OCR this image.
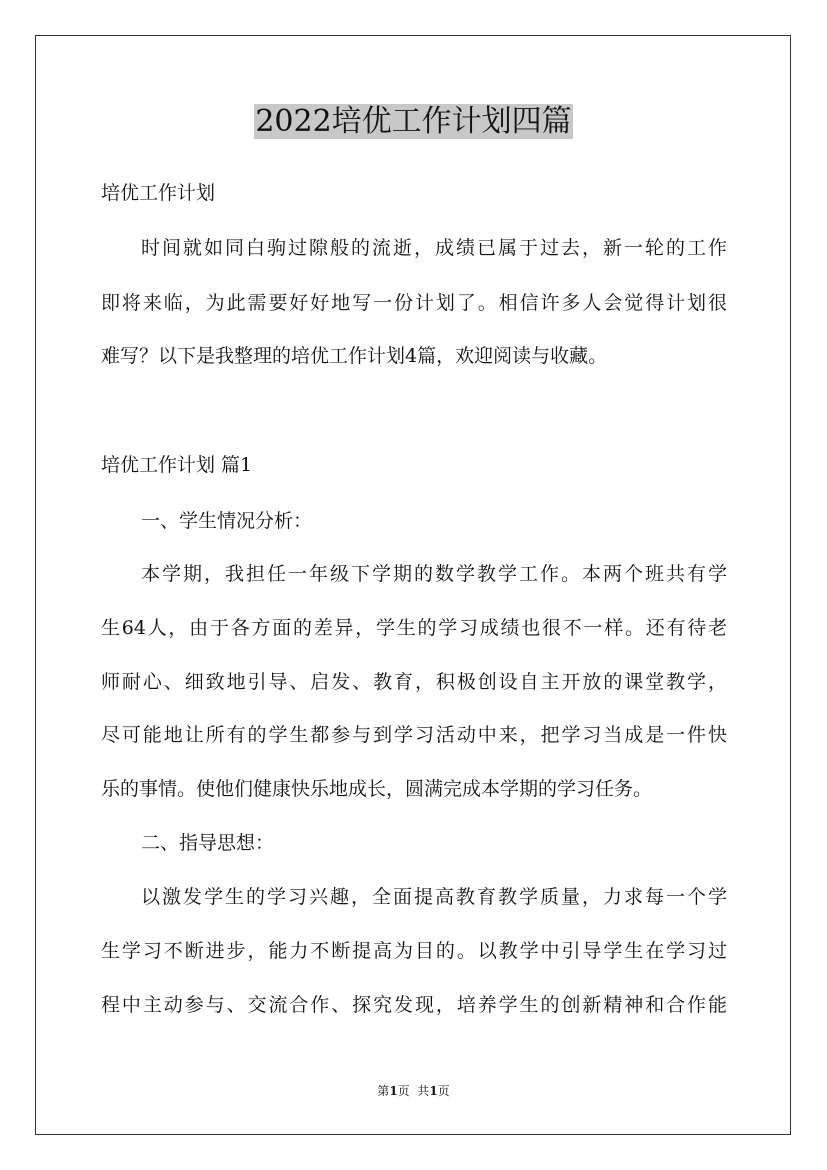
2022培优工作计划四篇

培优工作计划

时间就如同白驹过隙般的流逝，成绩已属于过去，新一轮的工作

即将来临，为此需要好好地写一份计划了。相信许多人会觉得计划很

难写？以下是我整理的培优工作计划4篇，欢迎阅读与收藏。

培优工作计划 篇1

一、学生情况分析：

本学期，我担任一年级下学期的数学教学工作。本两个班共有学

生64人，由于各方面的差异，学生的学习成绩也很不一样。还有待老

师耐心、细致地引导、启发、教育，积极创设自主开放的课堂教学，

尽可能地让所有的学生都参与到学习活动中来，把学习当成是一件快

乐的事情。使他们健康快乐地成长，圆满完成本学期的学习任务。

二、指导思想：

以激发学生的学习兴趣，全面提高教育教学质量，力求每一个学

生学习不断进步，能力不断提高为目的。以教学中引导学生在学习过

程中主动参与、交流合作、探究发现，培养学生的创新精神和合作能

第1页  共1页
